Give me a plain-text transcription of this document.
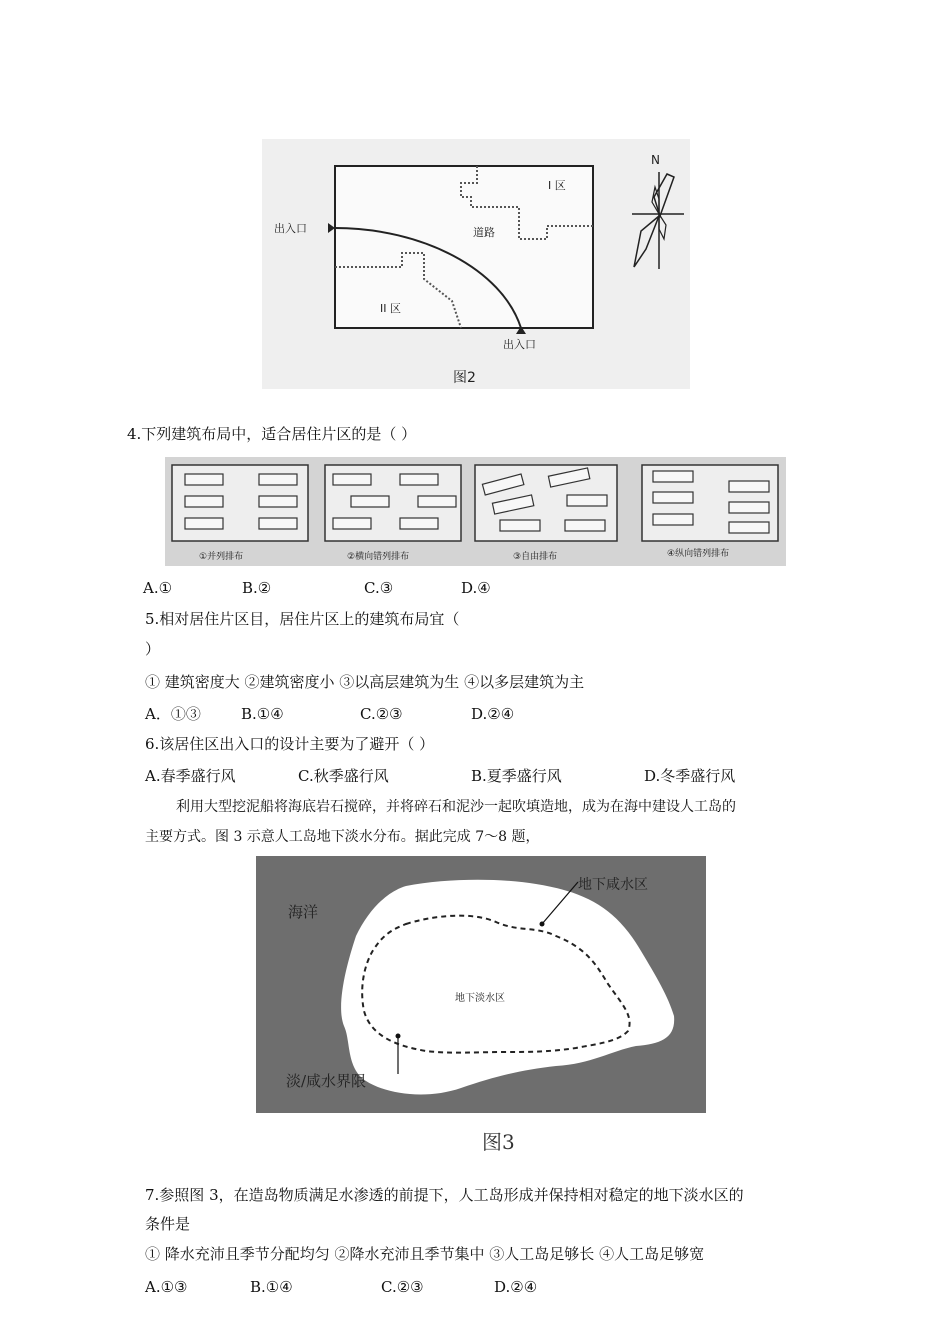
出入口
出入口
道路
I 区
II 区
N
图2
4.下列建筑布局中，适合居住片区的是（ ）
①并列排布	②横向错列排布	③自由排布	④纵向错列排布
A.①	B.②	C.③	D.④
5.相对居住片区目，居住片区上的建筑布局宜（
）
① 建筑密度大 ②建筑密度小 ③以高层建筑为生 ④以多层建筑为主
A．①③	B.①④	C.②③	D.②④
6.该居住区出入口的设计主要为了避开（ ）
A.春季盛行风	C.秋季盛行风	B.夏季盛行风	D.冬季盛行风
利用大型挖泥船将海底岩石搅碎，并将碎石和泥沙一起吹填造地，成为在海中建设人工岛的
主要方式。图 3 示意人工岛地下淡水分布。据此完成 7～8 题，
海洋
地下咸水区
地下淡水区
淡/咸水界限
图3
7.参照图 3，在造岛物质满足水渗透的前提下，人工岛形成并保持相对稳定的地下淡水区的
条件是
① 降水充沛且季节分配均匀 ②降水充沛且季节集中 ③人工岛足够长 ④人工岛足够宽
A.①③	B.①④	C.②③	D.②④
